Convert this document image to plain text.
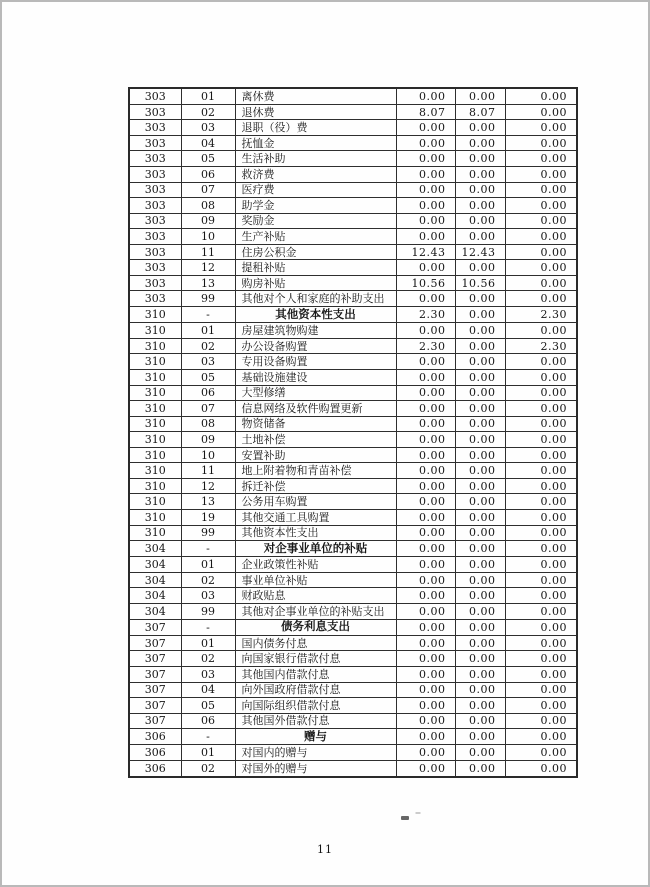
303	01	离休费	0.00	0.00	0.00
303	02	退休费	8.07	8.07	0.00
303	03	退职（役）费	0.00	0.00	0.00
303	04	抚恤金	0.00	0.00	0.00
303	05	生活补助	0.00	0.00	0.00
303	06	救济费	0.00	0.00	0.00
303	07	医疗费	0.00	0.00	0.00
303	08	助学金	0.00	0.00	0.00
303	09	奖励金	0.00	0.00	0.00
303	10	生产补贴	0.00	0.00	0.00
303	11	住房公积金	12.43	12.43	0.00
303	12	提租补贴	0.00	0.00	0.00
303	13	购房补贴	10.56	10.56	0.00
303	99	其他对个人和家庭的补助支出	0.00	0.00	0.00
310	-	其他资本性支出	2.30	0.00	2.30
310	01	房屋建筑物购建	0.00	0.00	0.00
310	02	办公设备购置	2.30	0.00	2.30
310	03	专用设备购置	0.00	0.00	0.00
310	05	基础设施建设	0.00	0.00	0.00
310	06	大型修缮	0.00	0.00	0.00
310	07	信息网络及软件购置更新	0.00	0.00	0.00
310	08	物资储备	0.00	0.00	0.00
310	09	土地补偿	0.00	0.00	0.00
310	10	安置补助	0.00	0.00	0.00
310	11	地上附着物和青苗补偿	0.00	0.00	0.00
310	12	拆迁补偿	0.00	0.00	0.00
310	13	公务用车购置	0.00	0.00	0.00
310	19	其他交通工具购置	0.00	0.00	0.00
310	99	其他资本性支出	0.00	0.00	0.00
304	-	对企事业单位的补贴	0.00	0.00	0.00
304	01	企业政策性补贴	0.00	0.00	0.00
304	02	事业单位补贴	0.00	0.00	0.00
304	03	财政贴息	0.00	0.00	0.00
304	99	其他对企事业单位的补贴支出	0.00	0.00	0.00
307	-	债务利息支出	0.00	0.00	0.00
307	01	国内债务付息	0.00	0.00	0.00
307	02	向国家银行借款付息	0.00	0.00	0.00
307	03	其他国内借款付息	0.00	0.00	0.00
307	04	向外国政府借款付息	0.00	0.00	0.00
307	05	向国际组织借款付息	0.00	0.00	0.00
307	06	其他国外借款付息	0.00	0.00	0.00
306	-	赠与	0.00	0.00	0.00
306	01	对国内的赠与	0.00	0.00	0.00
306	02	对国外的赠与	0.00	0.00	0.00
11
